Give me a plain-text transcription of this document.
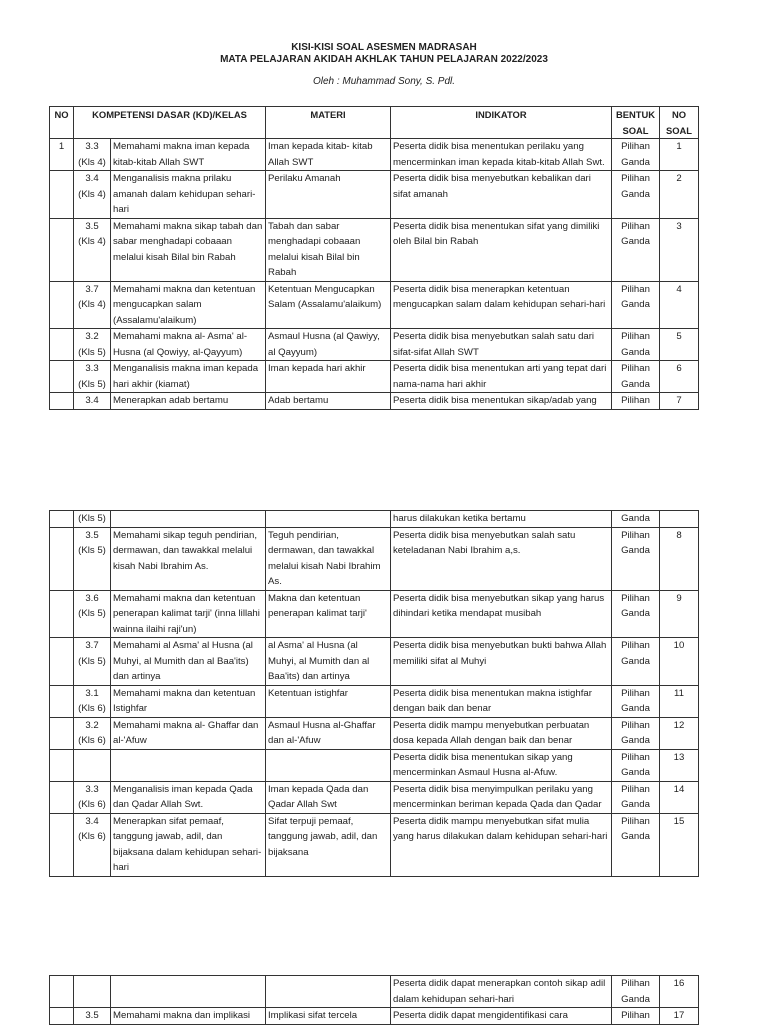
KISI-KISI SOAL ASESMEN MADRASAH
MATA PELAJARAN AKIDAH AKHLAK TAHUN PELAJARAN 2022/2023
Oleh : Muhammad Sony, S. Pdl.
NO	KOMPETENSI DASAR (KD)/KELAS		MATERI	INDIKATOR	BENTUK SOAL	NO SOAL
1	3.3 (Kls 4)	Memahami makna iman kepada kitab-kitab Allah SWT	Iman kepada kitab- kitab Allah SWT	Peserta didik bisa menentukan perilaku yang mencerminkan iman kepada kitab-kitab Allah Swt.	Pilihan Ganda	1
	3.4 (Kls 4)	Menganalisis makna prilaku amanah dalam kehidupan sehari-hari	Perilaku Amanah	Peserta didik bisa menyebutkan kebalikan dari sifat amanah	Pilihan Ganda	2
	3.5 (Kls 4)	Memahami makna sikap tabah dan sabar menghadapi cobaaan melalui kisah Bilal bin Rabah	Tabah dan sabar menghadapi cobaaan melalui kisah Bilal bin Rabah	Peserta didik bisa menentukan sifat yang dimiliki oleh Bilal bin Rabah	Pilihan Ganda	3
	3.7 (Kls 4)	Memahami makna dan ketentuan mengucapkan salam (Assalamu'alaikum)	Ketentuan Mengucapkan Salam (Assalamu'alaikum)	Peserta didik bisa menerapkan ketentuan mengucapkan salam dalam kehidupan sehari-hari	Pilihan Ganda	4
	3.2 (Kls 5)	Memahami makna al- Asma' al- Husna (al Qowiyy, al-Qayyum)	Asmaul Husna (al Qawiyy, al Qayyum)	Peserta didik bisa menyebutkan salah satu dari sifat-sifat Allah SWT	Pilihan Ganda	5
	3.3 (Kls 5)	Menganalisis makna iman kepada hari akhir (kiamat)	Iman kepada hari akhir	Peserta didik bisa menentukan arti yang tepat dari nama-nama hari akhir	Pilihan Ganda	6
	3.4	Menerapkan adab bertamu	Adab bertamu	Peserta didik bisa menentukan sikap/adab yang	Pilihan	7
	(Kls 5)			harus dilakukan ketika bertamu	Ganda	
	3.5 (Kls 5)	Memahami sikap teguh pendirian, dermawan, dan tawakkal melalui kisah Nabi Ibrahim As.	Teguh pendirian, dermawan, dan tawakkal melalui kisah Nabi Ibrahim As.	Peserta didik bisa menyebutkan salah satu keteladanan Nabi Ibrahim a,s.	Pilihan Ganda	8
	3.6 (Kls 5)	Memahami makna dan ketentuan penerapan kalimat tarji' (inna lillahi wainna ilaihi raji'un)	Makna dan ketentuan penerapan kalimat tarji'	Peserta didik bisa menyebutkan sikap yang harus dihindari ketika mendapat musibah	Pilihan Ganda	9
	3.7 (Kls 5)	Memahami al Asma' al Husna (al Muhyi, al Mumith dan al Baa'its) dan artinya	al Asma' al Husna (al Muhyi, al Mumith dan al Baa'its) dan artinya	Peserta didik bisa menyebutkan bukti bahwa Allah memiliki sifat al Muhyi	Pilihan Ganda	10
	3.1 (Kls 6)	Memahami makna dan ketentuan Istighfar	Ketentuan istighfar	Peserta didik bisa menentukan makna istighfar dengan baik dan benar	Pilihan Ganda	11
	3.2 (Kls 6)	Memahami makna al- Ghaffar dan al-'Afuw	Asmaul Husna al-Ghaffar dan al-'Afuw	Peserta didik mampu menyebutkan perbuatan dosa kepada Allah dengan baik dan benar	Pilihan Ganda	12
				Peserta didik bisa menentukan sikap yang mencerminkan Asmaul Husna al-Afuw.	Pilihan Ganda	13
	3.3 (Kls 6)	Menganalisis iman kepada Qada dan Qadar Allah Swt.	Iman kepada Qada dan Qadar Allah Swt	Peserta didik bisa menyimpulkan perilaku yang mencerminkan beriman kepada Qada dan Qadar	Pilihan Ganda	14
	3.4 (Kls 6)	Menerapkan sifat pemaaf, tanggung jawab, adil, dan bijaksana dalam kehidupan sehari-hari	Sifat terpuji pemaaf, tanggung jawab, adil, dan bijaksana	Peserta didik mampu menyebutkan sifat mulia yang harus dilakukan dalam kehidupan sehari-hari	Pilihan Ganda	15
				Peserta didik dapat menerapkan contoh sikap adil dalam kehidupan sehari-hari	Pilihan Ganda	16
	3.5	Memahami makna dan implikasi	Implikasi sifat tercela	Peserta didik dapat mengidentifikasi cara	Pilihan	17
